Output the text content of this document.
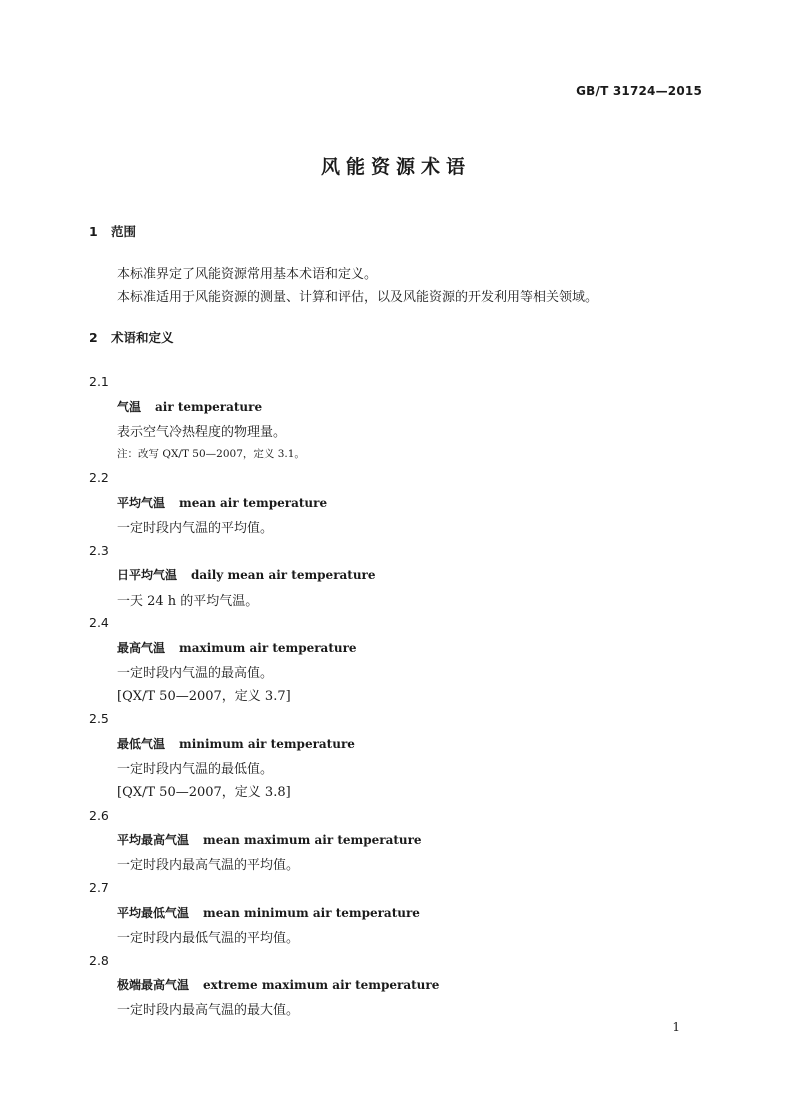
GB/T 31724—2015
风能资源术语
1 范围
本标准界定了风能资源常用基本术语和定义。
本标准适用于风能资源的测量、计算和评估，以及风能资源的开发利用等相关领域。
2 术语和定义
2.1
气温 air temperature
表示空气冷热程度的物理量。
注：改写 QX/T 50—2007，定义 3.1。
2.2
平均气温 mean air temperature
一定时段内气温的平均值。
2.3
日平均气温 daily mean air temperature
一天 24 h 的平均气温。
2.4
最高气温 maximum air temperature
一定时段内气温的最高值。
[QX/T 50—2007，定义 3.7]
2.5
最低气温 minimum air temperature
一定时段内气温的最低值。
[QX/T 50—2007，定义 3.8]
2.6
平均最高气温 mean maximum air temperature
一定时段内最高气温的平均值。
2.7
平均最低气温 mean minimum air temperature
一定时段内最低气温的平均值。
2.8
极端最高气温 extreme maximum air temperature
一定时段内最高气温的最大值。
1
